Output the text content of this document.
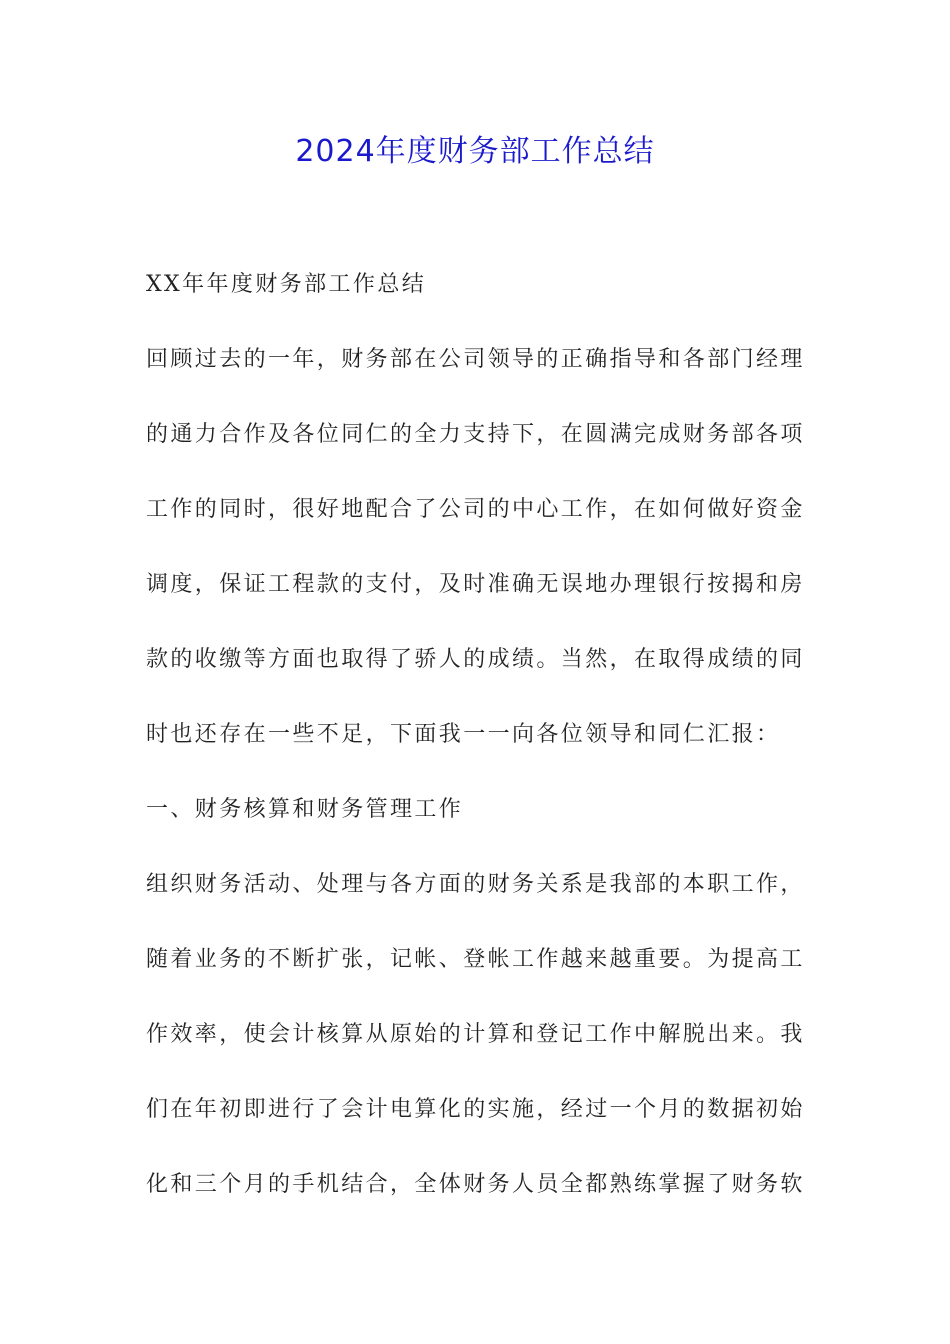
2024年度财务部工作总结

XX年年度财务部工作总结

回顾过去的一年，财务部在公司领导的正确指导和各部门经理

的通力合作及各位同仁的全力支持下，在圆满完成财务部各项

工作的同时，很好地配合了公司的中心工作，在如何做好资金

调度，保证工程款的支付，及时准确无误地办理银行按揭和房

款的收缴等方面也取得了骄人的成绩。当然，在取得成绩的同

时也还存在一些不足，下面我一一向各位领导和同仁汇报：

一、财务核算和财务管理工作

组织财务活动、处理与各方面的财务关系是我部的本职工作，

随着业务的不断扩张，记帐、登帐工作越来越重要。为提高工

作效率，使会计核算从原始的计算和登记工作中解脱出来。我

们在年初即进行了会计电算化的实施，经过一个月的数据初始

化和三个月的手机结合，全体财务人员全都熟练掌握了财务软
